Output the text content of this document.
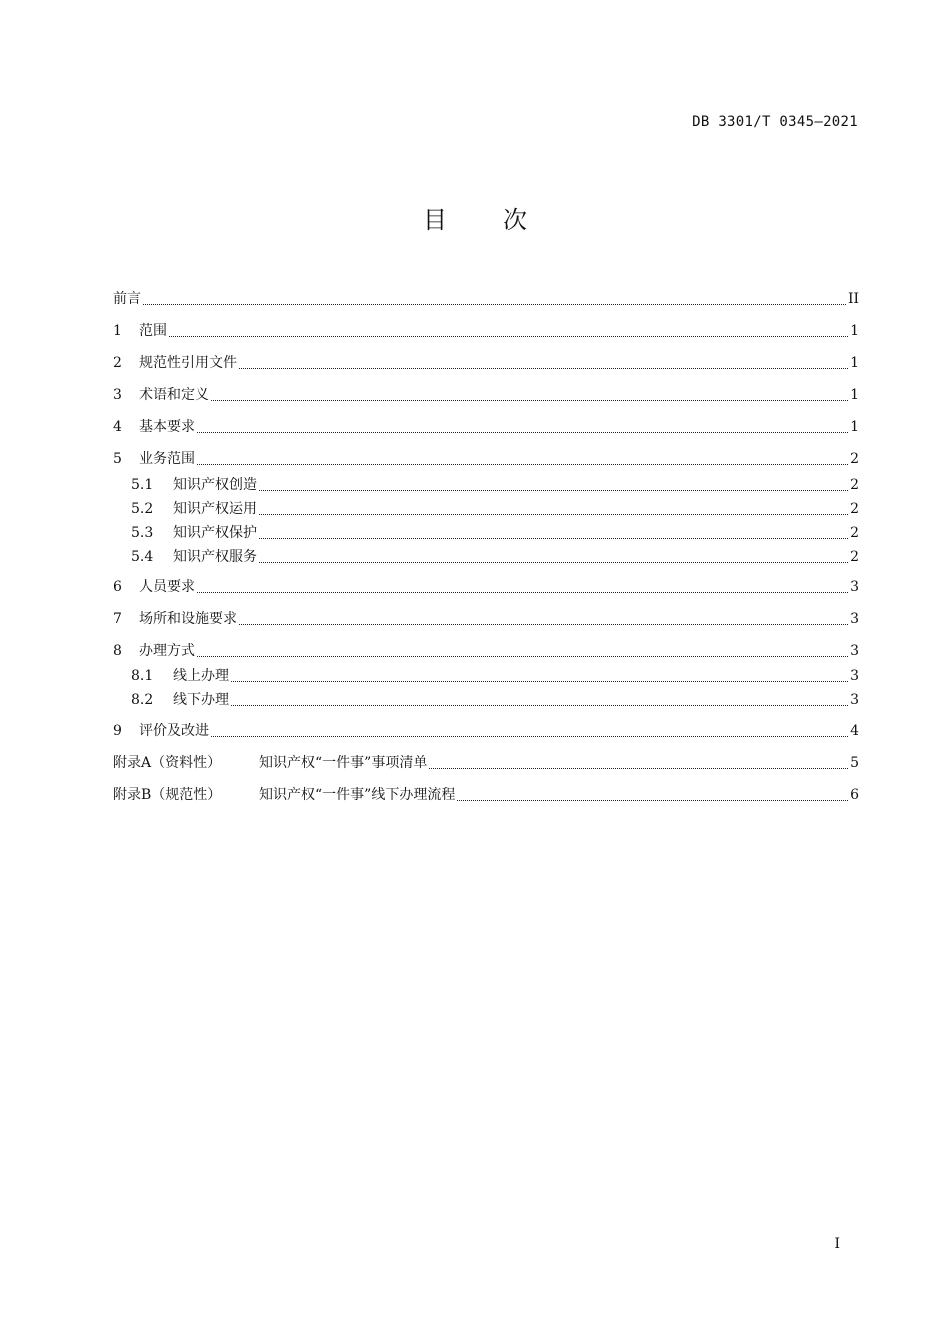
DB 3301/T 0345—2021
目 次
前言	II
1	范围	1
2	规范性引用文件	1
3	术语和定义	1
4	基本要求	1
5	业务范围	2
5.1	知识产权创造	2
5.2	知识产权运用	2
5.3	知识产权保护	2
5.4	知识产权服务	2
6	人员要求	3
7	场所和设施要求	3
8	办理方式	3
8.1	线上办理	3
8.2	线下办理	3
9	评价及改进	4
附录A（资料性）	知识产权“一件事”事项清单	5
附录B（规范性）	知识产权“一件事”线下办理流程	6
I
